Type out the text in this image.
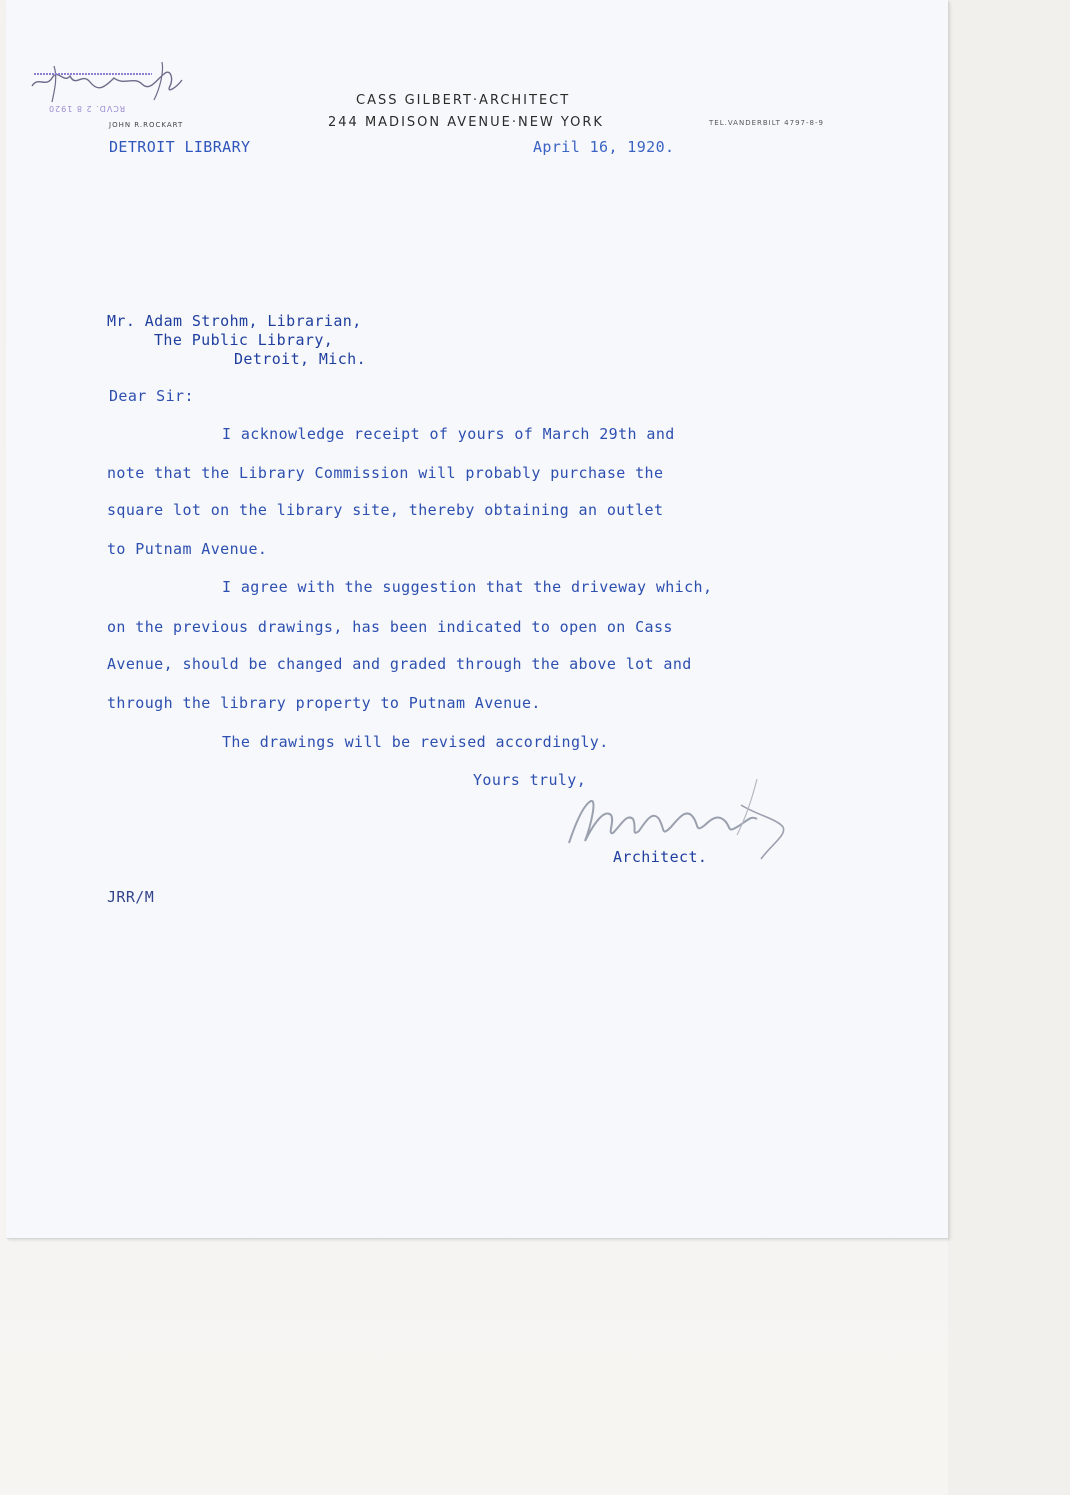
RCVD. 2 8 1920
CASS GILBERT·ARCHITECT
244 MADISON AVENUE·NEW YORK
JOHN R.ROCKART	TEL.VANDERBILT 4797-8-9
DETROIT LIBRARY	April 16, 1920.
Mr. Adam Strohm, Librarian,
The Public Library,
Detroit, Mich.
Dear Sir:
I acknowledge receipt of yours of March 29th and
note that the Library Commission will probably purchase the
square lot on the library site, thereby obtaining an outlet
to Putnam Avenue.
I agree with the suggestion that the driveway which,
on the previous drawings, has been indicated to open on Cass
Avenue, should be changed and graded through the above lot and
through the library property to Putnam Avenue.
The drawings will be revised accordingly.
Yours truly,
Architect.
JRR/M
